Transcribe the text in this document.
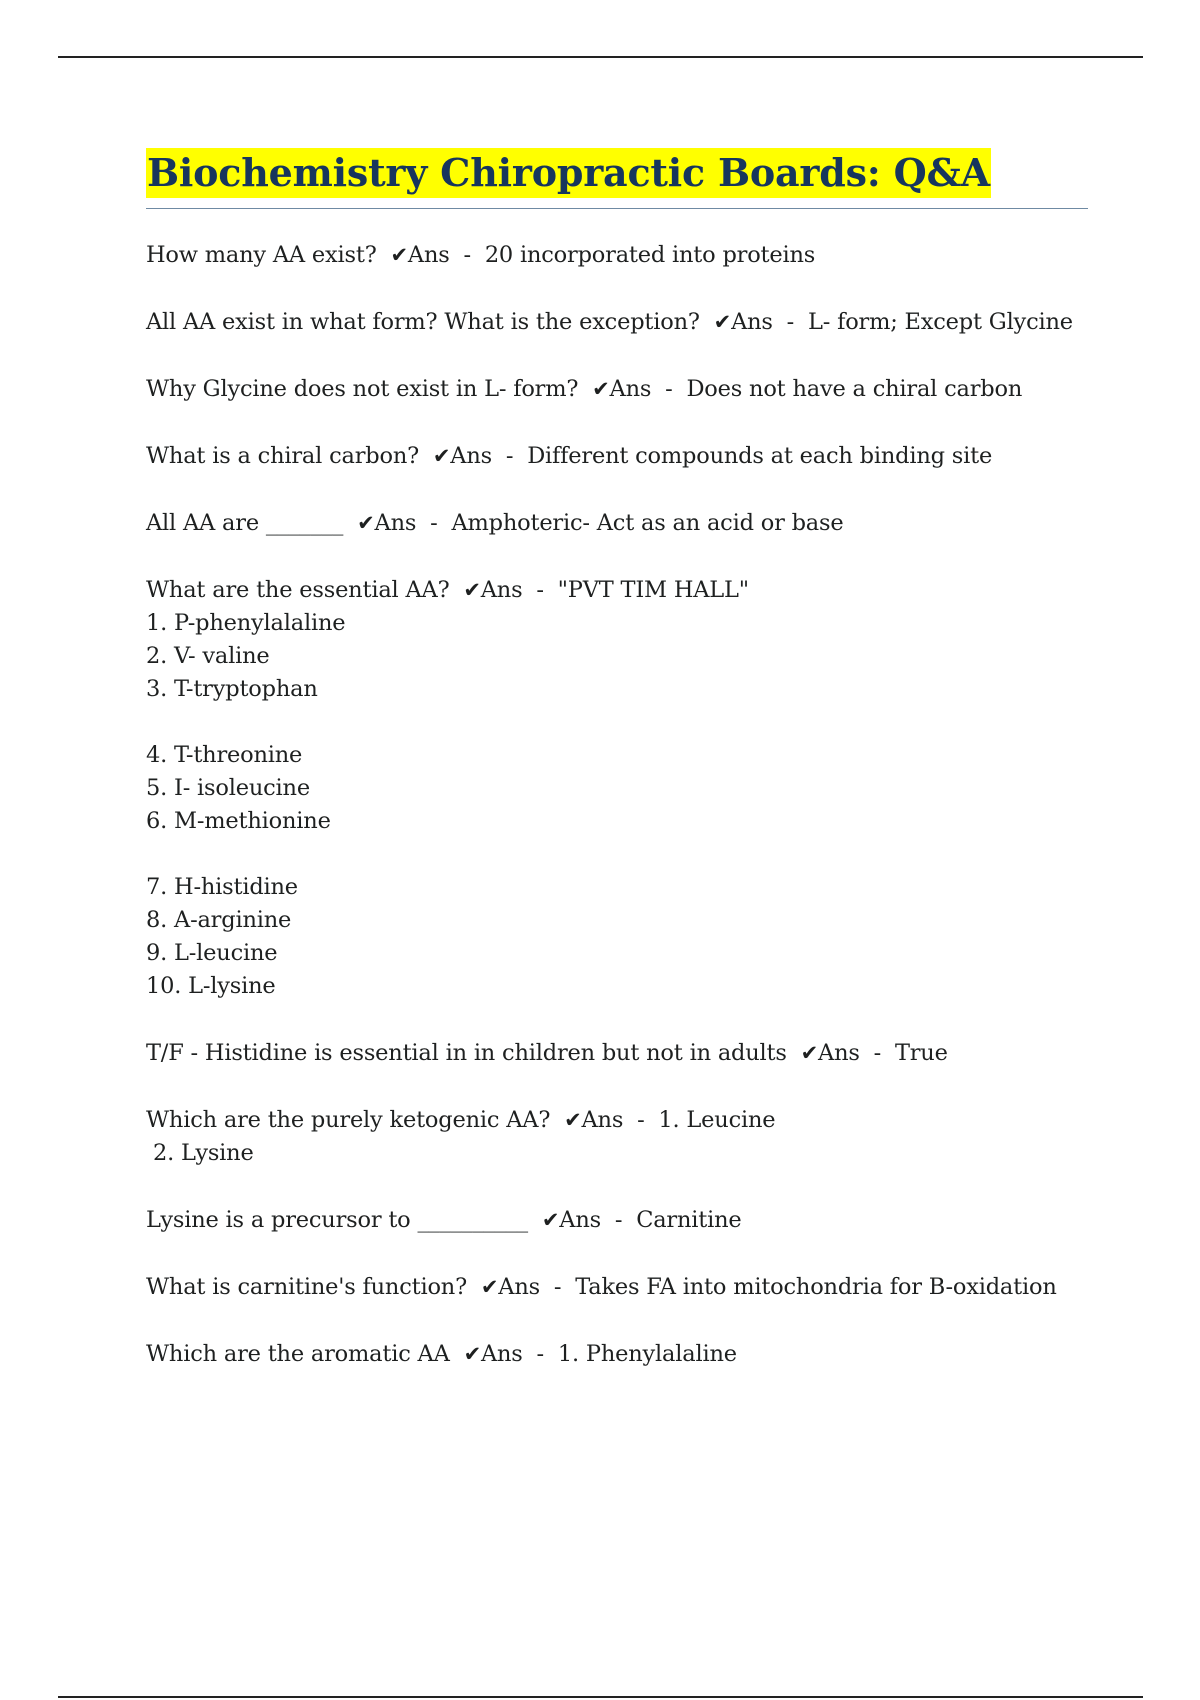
Biochemistry Chiropractic Boards: Q&A

How many AA exist?  ✔Ans  -  20 incorporated into proteins

All AA exist in what form? What is the exception?  ✔Ans  -  L- form; Except Glycine

Why Glycine does not exist in L- form?  ✔Ans  -  Does not have a chiral carbon

What is a chiral carbon?  ✔Ans  -  Different compounds at each binding site

All AA are _______  ✔Ans  -  Amphoteric- Act as an acid or base

What are the essential AA?  ✔Ans  -  "PVT TIM HALL"
1. P-phenylalaline
2. V- valine
3. T-tryptophan
4. T-threonine
5. I- isoleucine
6. M-methionine
7. H-histidine
8. A-arginine
9. L-leucine
10. L-lysine

T/F - Histidine is essential in in children but not in adults  ✔Ans  -  True

Which are the purely ketogenic AA?  ✔Ans  -  1. Leucine
2. Lysine

Lysine is a precursor to __________  ✔Ans  -  Carnitine

What is carnitine's function?  ✔Ans  -  Takes FA into mitochondria for B-oxidation

Which are the aromatic AA  ✔Ans  -  1. Phenylalaline
